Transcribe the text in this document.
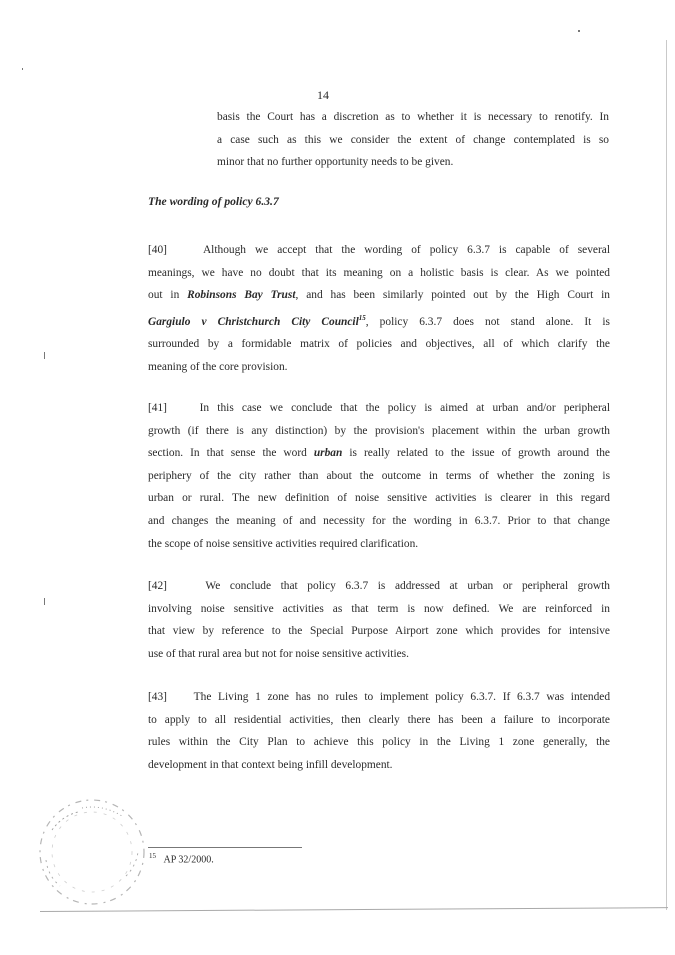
14
basis the Court has a discretion as to whether it is necessary to renotify. In
a case such as this we consider the extent of change contemplated is so
minor that no further opportunity needs to be given.
The wording of policy 6.3.7
[40]	Although we accept that the wording of policy 6.3.7 is capable of several
meanings, we have no doubt that its meaning on a holistic basis is clear. As we pointed
out in Robinsons Bay Trust, and has been similarly pointed out by the High Court in
Gargiulo v Christchurch City Council$^{15}$, policy 6.3.7 does not stand alone. It is
surrounded by a formidable matrix of policies and objectives, all of which clarify the
meaning of the core provision.
[41]	In this case we conclude that the policy is aimed at urban and/or peripheral
growth (if there is any distinction) by the provision's placement within the urban growth
section. In that sense the word urban is really related to the issue of growth around the
periphery of the city rather than about the outcome in terms of whether the zoning is
urban or rural. The new definition of noise sensitive activities is clearer in this regard
and changes the meaning of and necessity for the wording in 6.3.7. Prior to that change
the scope of noise sensitive activities required clarification.
[42]	We conclude that policy 6.3.7 is addressed at urban or peripheral growth
involving noise sensitive activities as that term is now defined. We are reinforced in
that view by reference to the Special Purpose Airport zone which provides for intensive
use of that rural area but not for noise sensitive activities.
[43] The Living 1 zone has no rules to implement policy 6.3.7. If 6.3.7 was intended
to apply to all residential activities, then clearly there has been a failure to incorporate
rules within the City Plan to achieve this policy in the Living 1 zone generally, the
development in that context being infill development.
$^{15}$ AP 32/2000.
